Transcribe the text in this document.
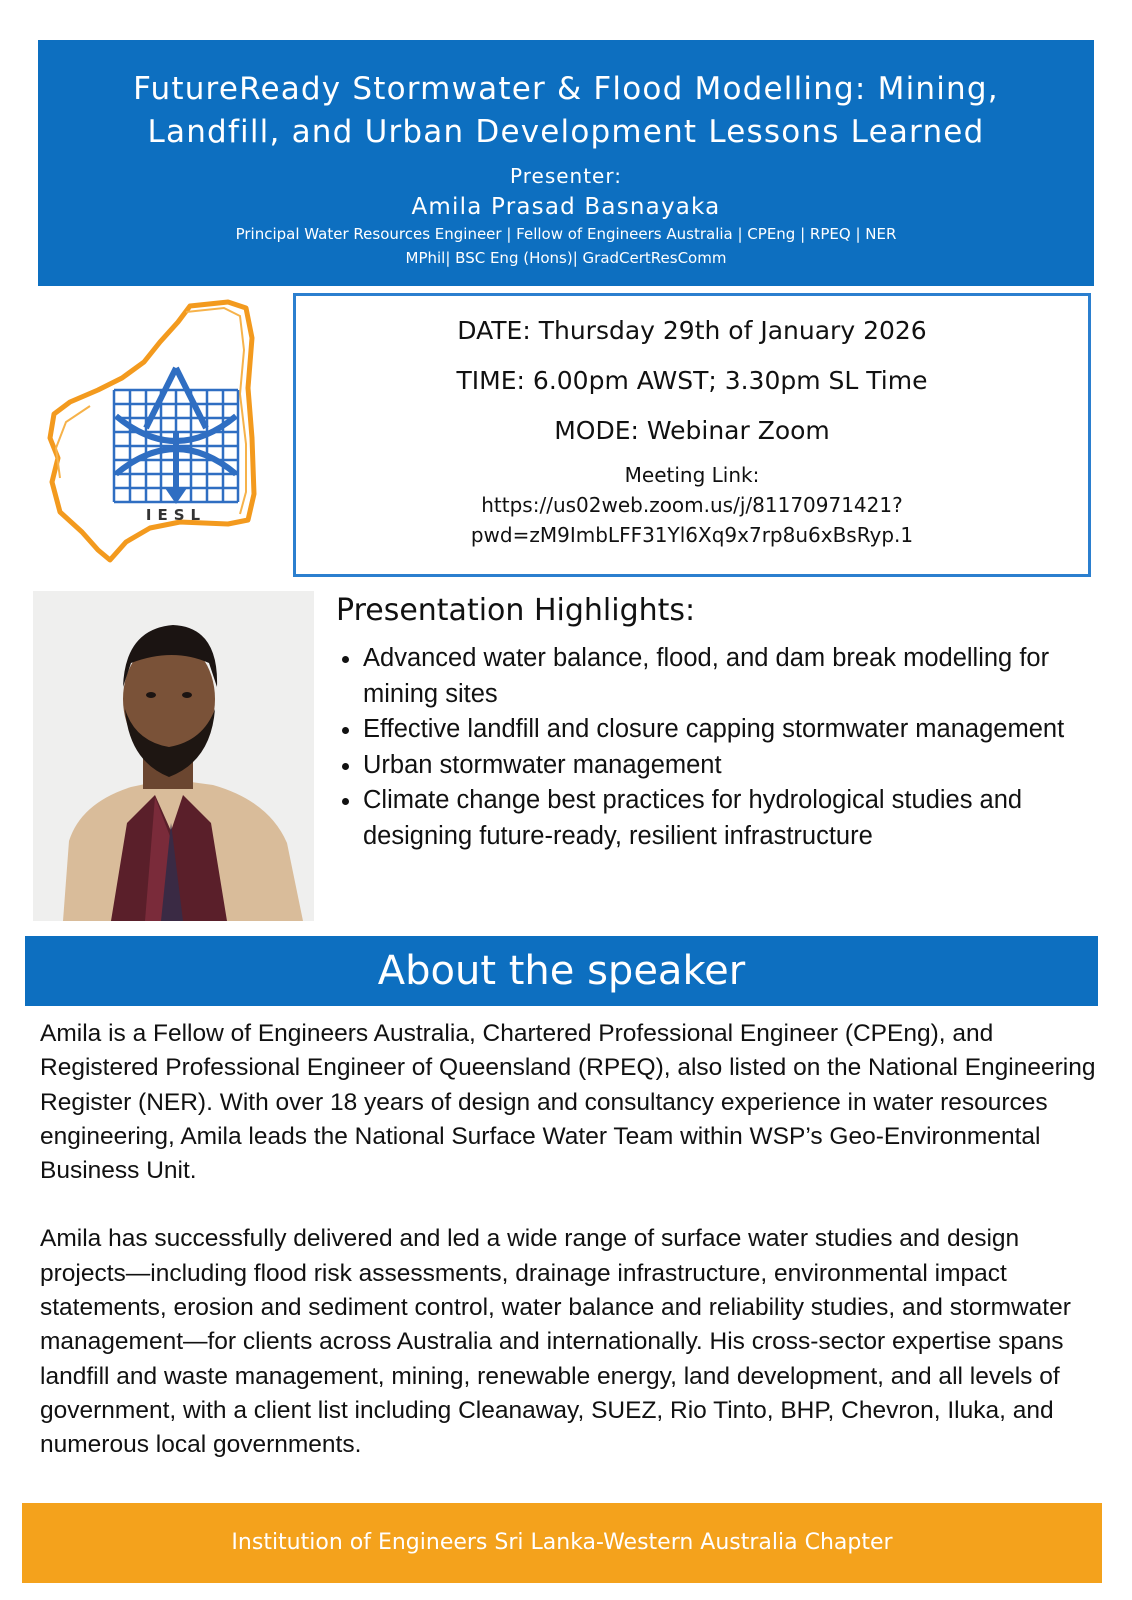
FutureReady Stormwater & Flood Modelling: Mining,
Landfill, and Urban Development Lessons Learned
Presenter:
Amila Prasad Basnayaka
Principal Water Resources Engineer | Fellow of Engineers Australia | CPEng | RPEQ | NER
MPhil| BSC Eng (Hons)| GradCertResComm
IESL
DATE: Thursday 29th of January 2026
TIME: 6.00pm AWST; 3.30pm SL Time
MODE: Webinar Zoom
Meeting Link:
https://us02web.zoom.us/j/81170971421?
pwd=zM9ImbLFF31Yl6Xq9x7rp8u6xBsRyp.1
Presentation Highlights:
• Advanced water balance, flood, and dam break modelling for mining sites
• Effective landfill and closure capping stormwater management
• Urban stormwater management
• Climate change best practices for hydrological studies and designing future-ready, resilient infrastructure
About the speaker

Amila is a Fellow of Engineers Australia, Chartered Professional Engineer (CPEng), and Registered Professional Engineer of Queensland (RPEQ), also listed on the National Engineering Register (NER). With over 18 years of design and consultancy experience in water resources engineering, Amila leads the National Surface Water Team within WSP’s Geo-Environmental Business Unit.

Amila has successfully delivered and led a wide range of surface water studies and design projects—including flood risk assessments, drainage infrastructure, environmental impact statements, erosion and sediment control, water balance and reliability studies, and stormwater management—for clients across Australia and internationally. His cross-sector expertise spans landfill and waste management, mining, renewable energy, land development, and all levels of government, with a client list including Cleanaway, SUEZ, Rio Tinto, BHP, Chevron, Iluka, and numerous local governments.

Institution of Engineers Sri Lanka-Western Australia Chapter
